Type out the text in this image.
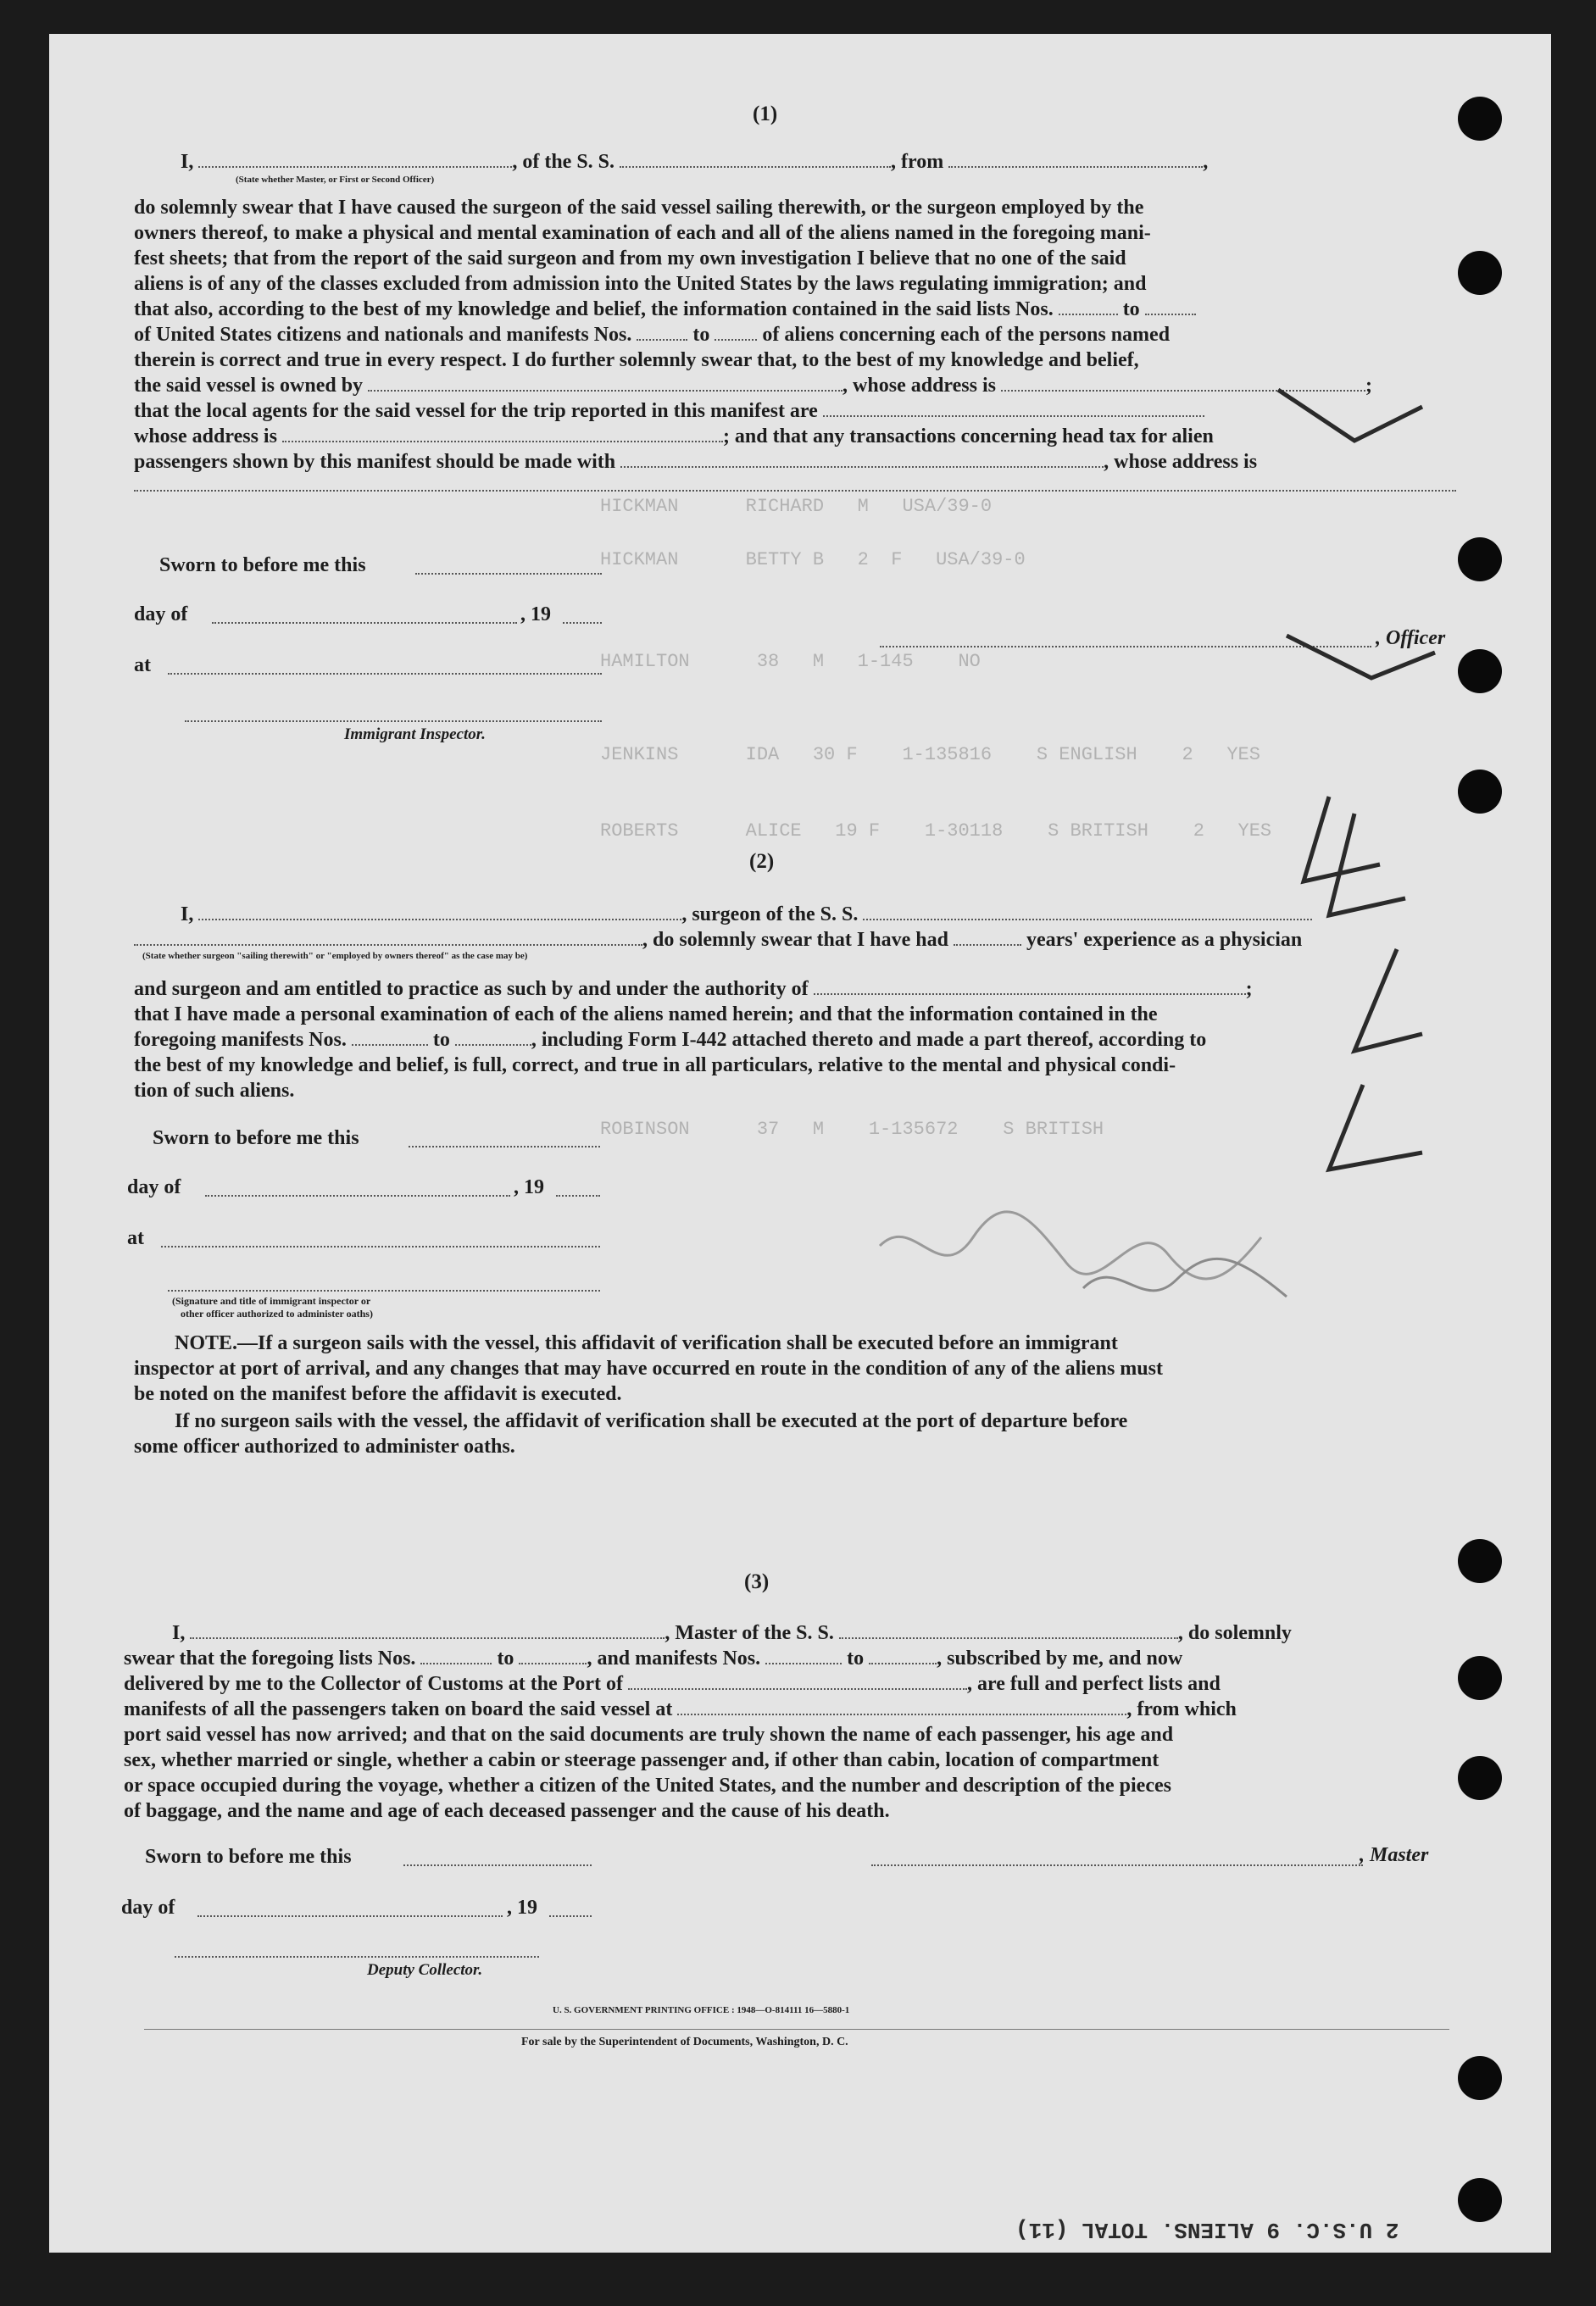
HICKMAN      RICHARD   M   USA/39-0
HICKMAN      BETTY B   2  F   USA/39-0
HAMILTON      38   M   1-145    NO
JENKINS      IDA   30 F    1-135816    S ENGLISH    2   YES
ROBERTS      ALICE   19 F    1-30118    S BRITISH    2   YES
ROBINSON      37   M    1-135672    S BRITISH
(1)
I,	, of the S. S.	, from	,
(State whether Master, or First or Second Officer)
do solemnly swear that I have caused the surgeon of the said vessel sailing therewith, or the surgeon employed by the
owners thereof, to make a physical and mental examination of each and all of the aliens named in the foregoing mani-
fest sheets; that from the report of the said surgeon and from my own investigation I believe that no one of the said
aliens is of any of the classes excluded from admission into the United States by the laws regulating immigration; and
that also, according to the best of my knowledge and belief, the information contained in the said lists Nos.	to
of United States citizens and nationals and manifests Nos.	to	of aliens concerning each of the persons named
therein is correct and true in every respect. I do further solemnly swear that, to the best of my knowledge and belief,
the said vessel is owned by	, whose address is	;
that the local agents for the said vessel for the trip reported in this manifest are
whose address is	; and that any transactions concerning head tax for alien
passengers shown by this manifest should be made with	, whose address is
Sworn to before me this
day of	, 19
at
, Officer
Immigrant Inspector.
(2)
I,	, surgeon of the S. S.
, do solemnly swear that I have had	years' experience as a physician
(State whether surgeon "sailing therewith" or "employed by owners thereof" as the case may be)
and surgeon and am entitled to practice as such by and under the authority of	;
that I have made a personal examination of each of the aliens named herein; and that the information contained in the
foregoing manifests Nos.	to	, including Form I-442 attached thereto and made a part thereof, according to
the best of my knowledge and belief, is full, correct, and true in all particulars, relative to the mental and physical condi-
tion of such aliens.
Sworn to before me this
day of	, 19
at
(Signature and title of immigrant inspector or
other officer authorized to administer oaths)
NOTE.—If a surgeon sails with the vessel, this affidavit of verification shall be executed before an immigrant
inspector at port of arrival, and any changes that may have occurred en route in the condition of any of the aliens must
be noted on the manifest before the affidavit is executed.
If no surgeon sails with the vessel, the affidavit of verification shall be executed at the port of departure before
some officer authorized to administer oaths.
(3)
I,	, Master of the S. S.	, do solemnly
swear that the foregoing lists Nos.	to	, and manifests Nos.	to	, subscribed by me, and now
delivered by me to the Collector of Customs at the Port of	, are full and perfect lists and
manifests of all the passengers taken on board the said vessel at	, from which
port said vessel has now arrived; and that on the said documents are truly shown the name of each passenger, his age and
sex, whether married or single, whether a cabin or steerage passenger and, if other than cabin, location of compartment
or space occupied during the voyage, whether a citizen of the United States, and the number and description of the pieces
of baggage, and the name and age of each deceased passenger and the cause of his death.
Sworn to before me this	, Master
day of	, 19
Deputy Collector.
U. S. GOVERNMENT PRINTING OFFICE : 1948—O-814111 16—5880-1
For sale by the Superintendent of Documents, Washington, D. C.
2 U.S.C. 9 ALIENS. TOTAL (11)
